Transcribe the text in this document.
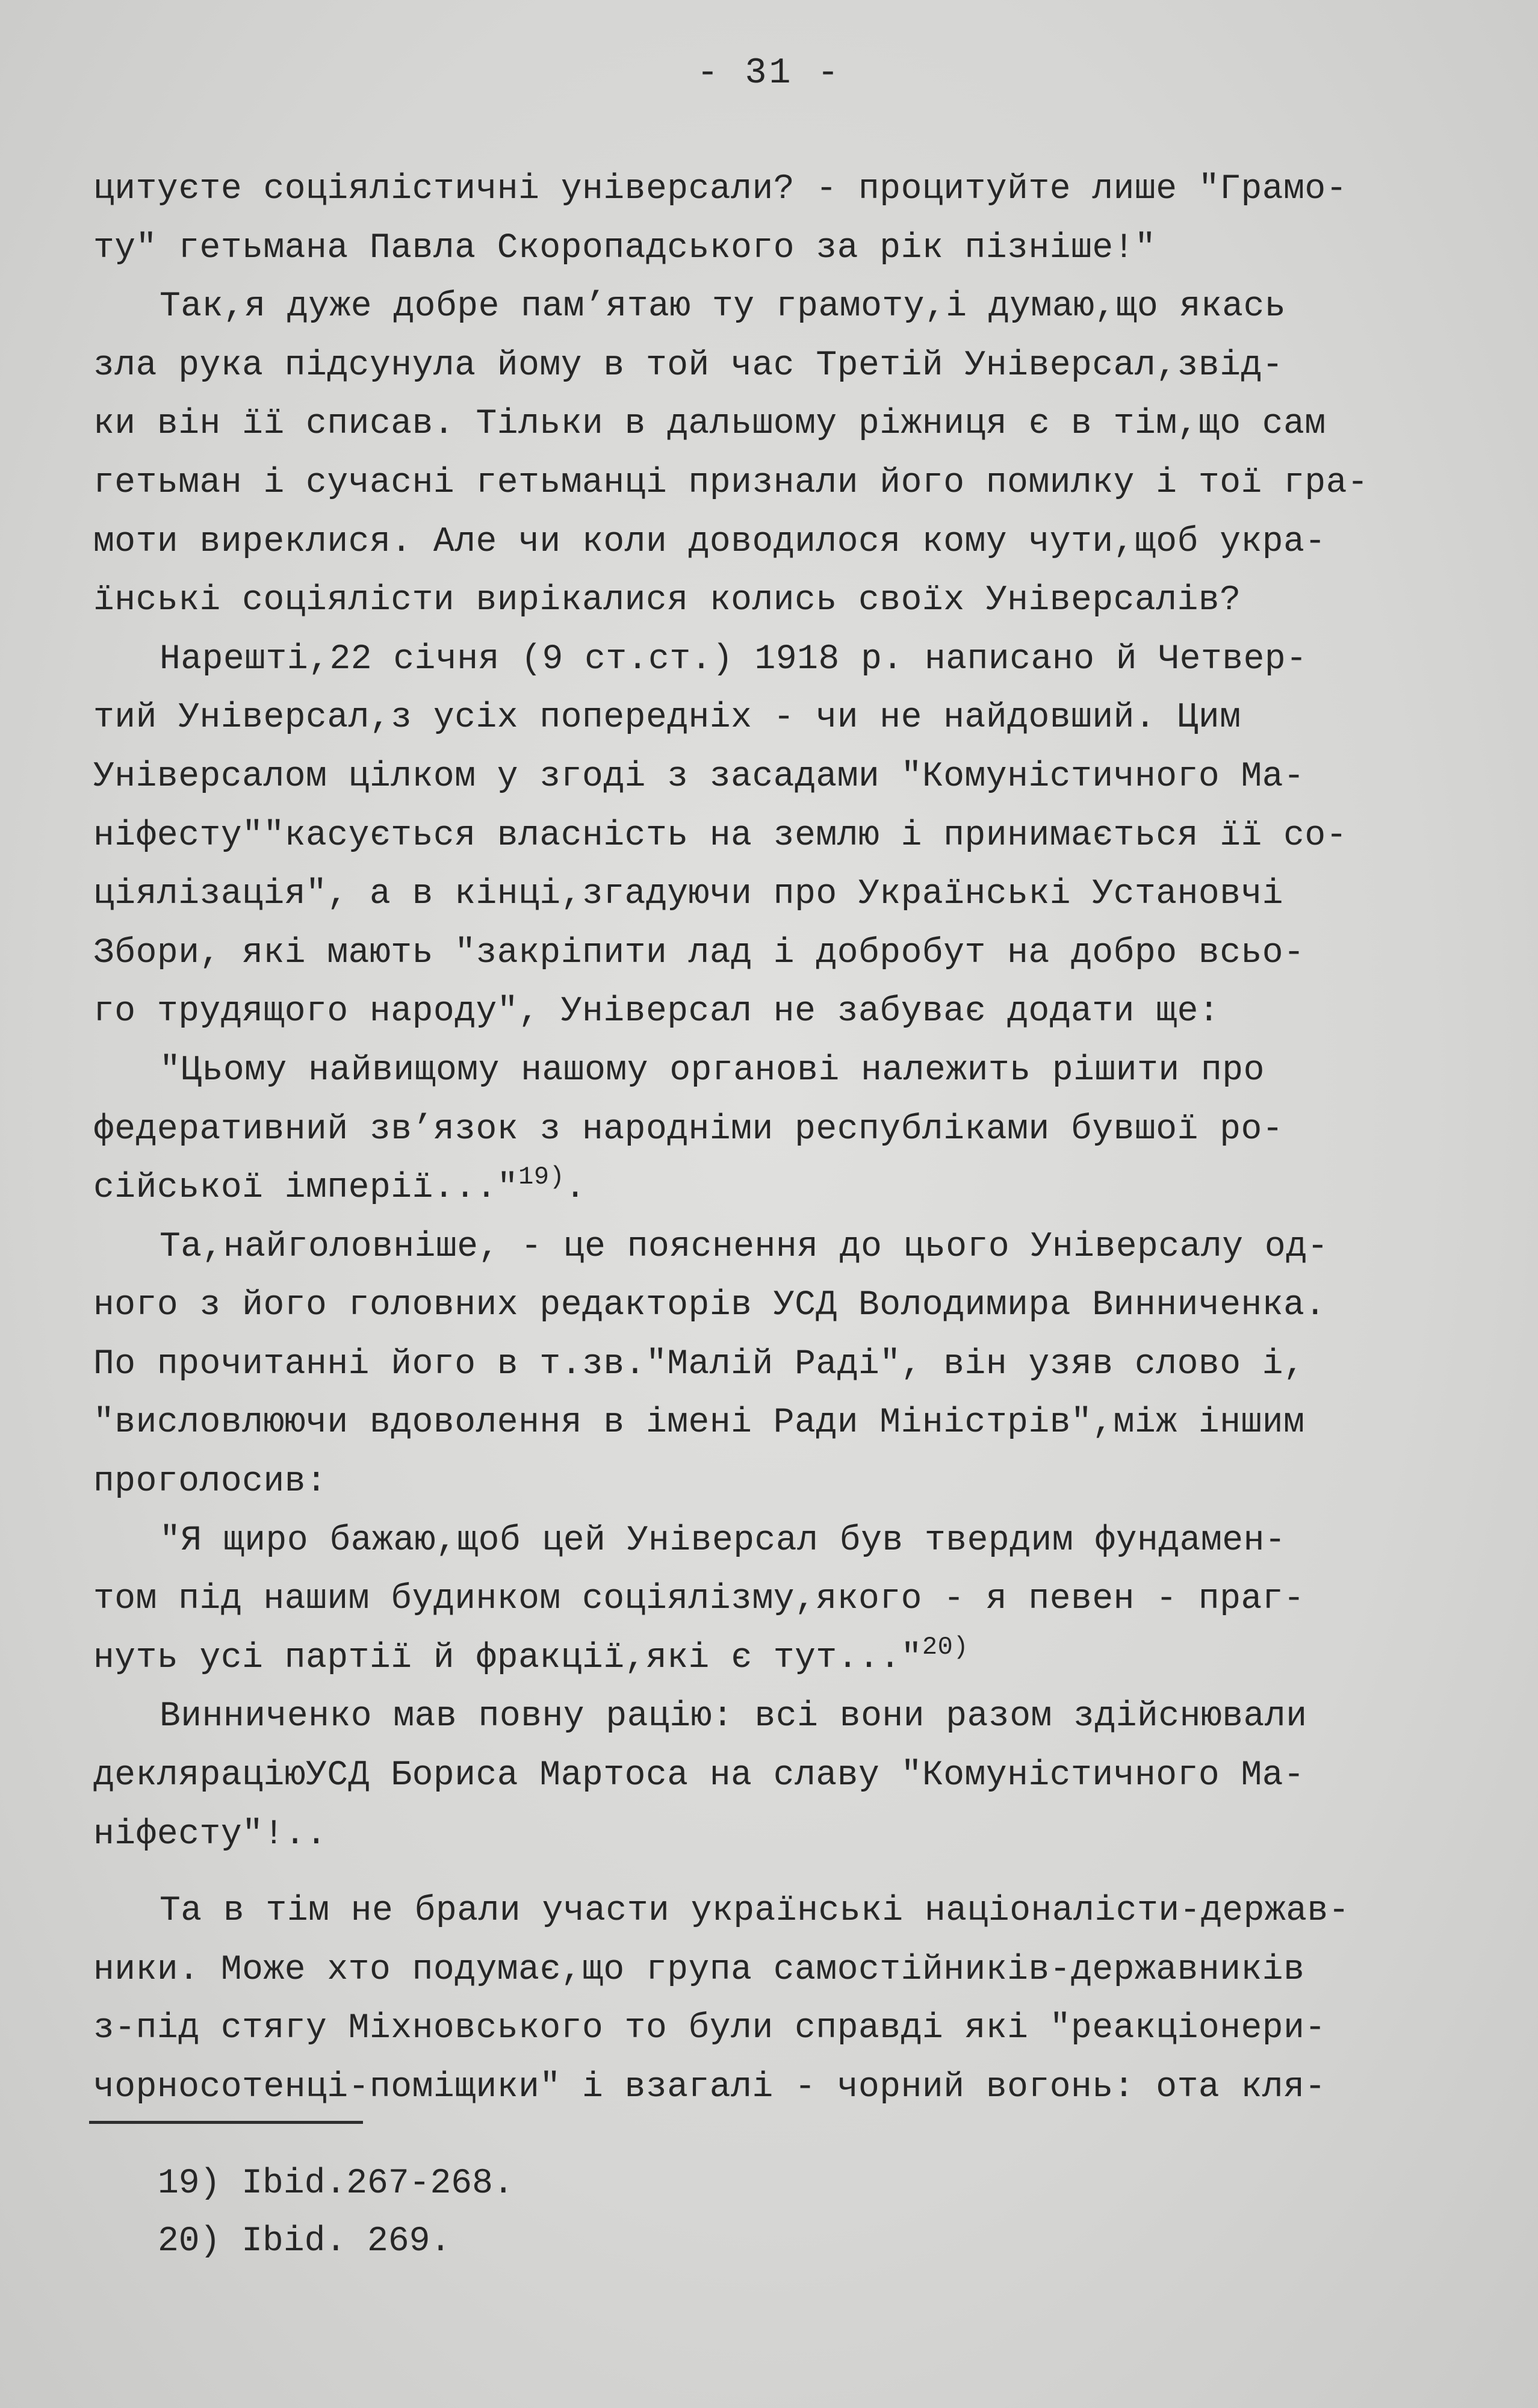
- 31 -
цитуєте соціялістичні універсали? - процитуйте лише "Грамо-
ту" гетьмана Павла Скоропадського за рік пізніше!"
Так,я дуже добре пам’ятаю ту грамоту,і думаю,що якась
зла рука підсунула йому в той час Третій Універсал,звід-
ки він її списав. Тільки в дальшому ріжниця є в тім,що сам
гетьман і сучасні гетьманці признали його помилку і тої гра-
моти виреклися. Але чи коли доводилося кому чути,щоб укра-
їнські соціялісти вирікалися колись своїх Універсалів?
Нарешті,22 січня (9 ст.ст.) 1918 р. написано й Четвер-
тий Універсал,з усіх попередніх - чи не найдовший. Цим
Універсалом цілком у згоді з засадами "Комуністичного Ма-
ніфесту""касується власність на землю і принимається її со-
ціялізація", а в кінці,згадуючи про Українські Установчі
Збори, які мають "закріпити лад і добробут на добро всьо-
го трудящого народу", Універсал не забуває додати ще:
"Цьому найвищому нашому органові належить рішити про
федеративний зв’язок з народніми республіками бувшої ро-
сійської імперії..."$^{19)}$.
Та,найголовніше, - це пояснення до цього Універсалу од-
ного з його головних редакторів УСД Володимира Винниченка.
По прочитанні його в т.зв."Малій Раді", він узяв слово і,
"висловлюючи вдоволення в імені Ради Міністрів",між іншим
проголосив:
"Я щиро бажаю,щоб цей Універсал був твердим фундамен-
том під нашим будинком соціялізму,якого - я певен - праг-
нуть усі партії й фракції,які є тут..."$^{20)}$
Винниченко мав повну рацію: всі вони разом здійснювали
декляраціюУСД Бориса Мартоса на славу "Комуністичного Ма-
ніфесту"!..
Та в тім не брали участи українські націоналісти-держав-
ники. Може хто подумає,що група самостійників-державників
з-під стягу Міхновського то були справді які "реакціонери-
чорносотенці-поміщики" і взагалі - чорний вогонь: ота кля-
19) Ibid.267-268.
20) Ibid. 269.
